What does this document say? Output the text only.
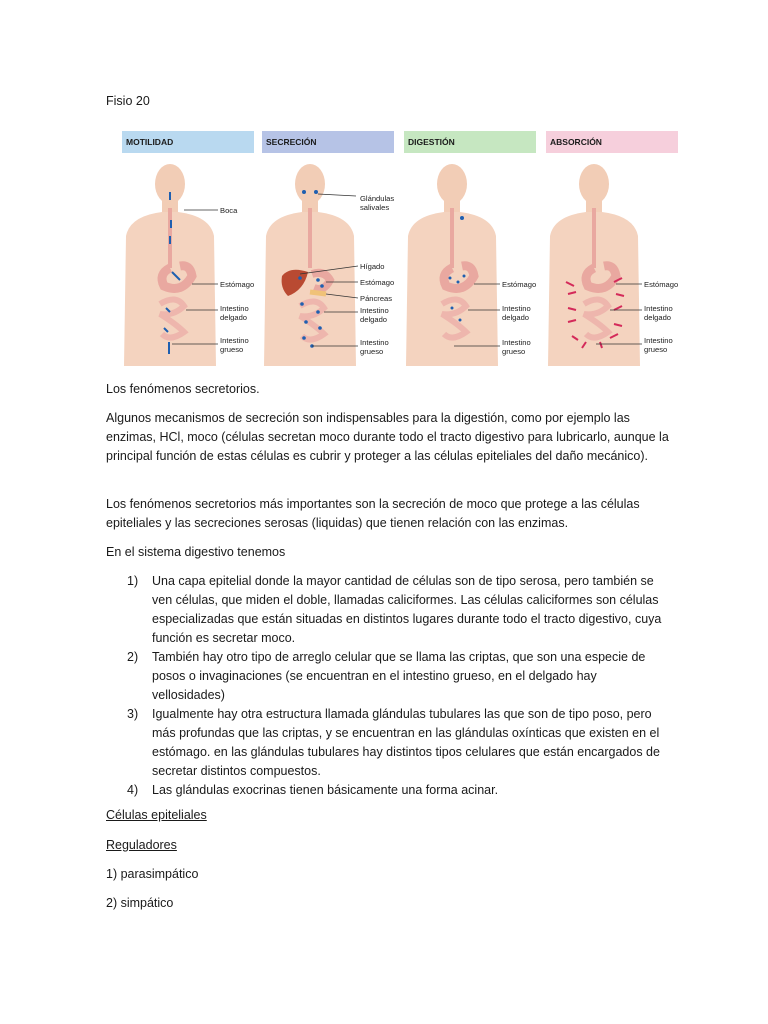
Fisio 20

MOTILIDAD
Boca
Estómago
Intestino delgado
Intestino grueso
SECRECIÓN
Glándulas salivales
Hígado
Estómago
Páncreas
Intestino delgado
Intestino grueso
DIGESTIÓN
Estómago
Intestino delgado
Intestino grueso
ABSORCIÓN
Estómago
Intestino delgado
Intestino grueso

Los fenómenos secretorios.

Algunos mecanismos de secreción son indispensables para la digestión, como por ejemplo las enzimas, HCl, moco (células secretan moco durante todo el tracto digestivo para lubricarlo, aunque la principal función de estas células es cubrir y proteger a las células epiteliales del daño mecánico).

Los fenómenos secretorios más importantes son la secreción de moco que protege a las células epiteliales y las secreciones serosas (liquidas) que tienen relación con las enzimas.

En el sistema digestivo tenemos

1) Una capa epitelial donde la mayor cantidad de células son de tipo serosa, pero también se ven células, que miden el doble, llamadas caliciformes. Las células caliciformes son células especializadas que están situadas en distintos lugares durante todo el tracto digestivo, cuya función es secretar moco.
2) También hay otro tipo de arreglo celular que se llama las criptas, que son una especie de posos o invaginaciones (se encuentran en el intestino grueso, en el delgado hay vellosidades)
3) Igualmente hay otra estructura llamada glándulas tubulares las que son de tipo poso, pero más profundas que las criptas, y se encuentran en las glándulas oxínticas que existen en el estómago. en las glándulas tubulares hay distintos tipos celulares que están encargados de secretar distintos compuestos.
4) Las glándulas exocrinas tienen básicamente una forma acinar.

Células epiteliales

Reguladores

1) parasimpático

2) simpático
